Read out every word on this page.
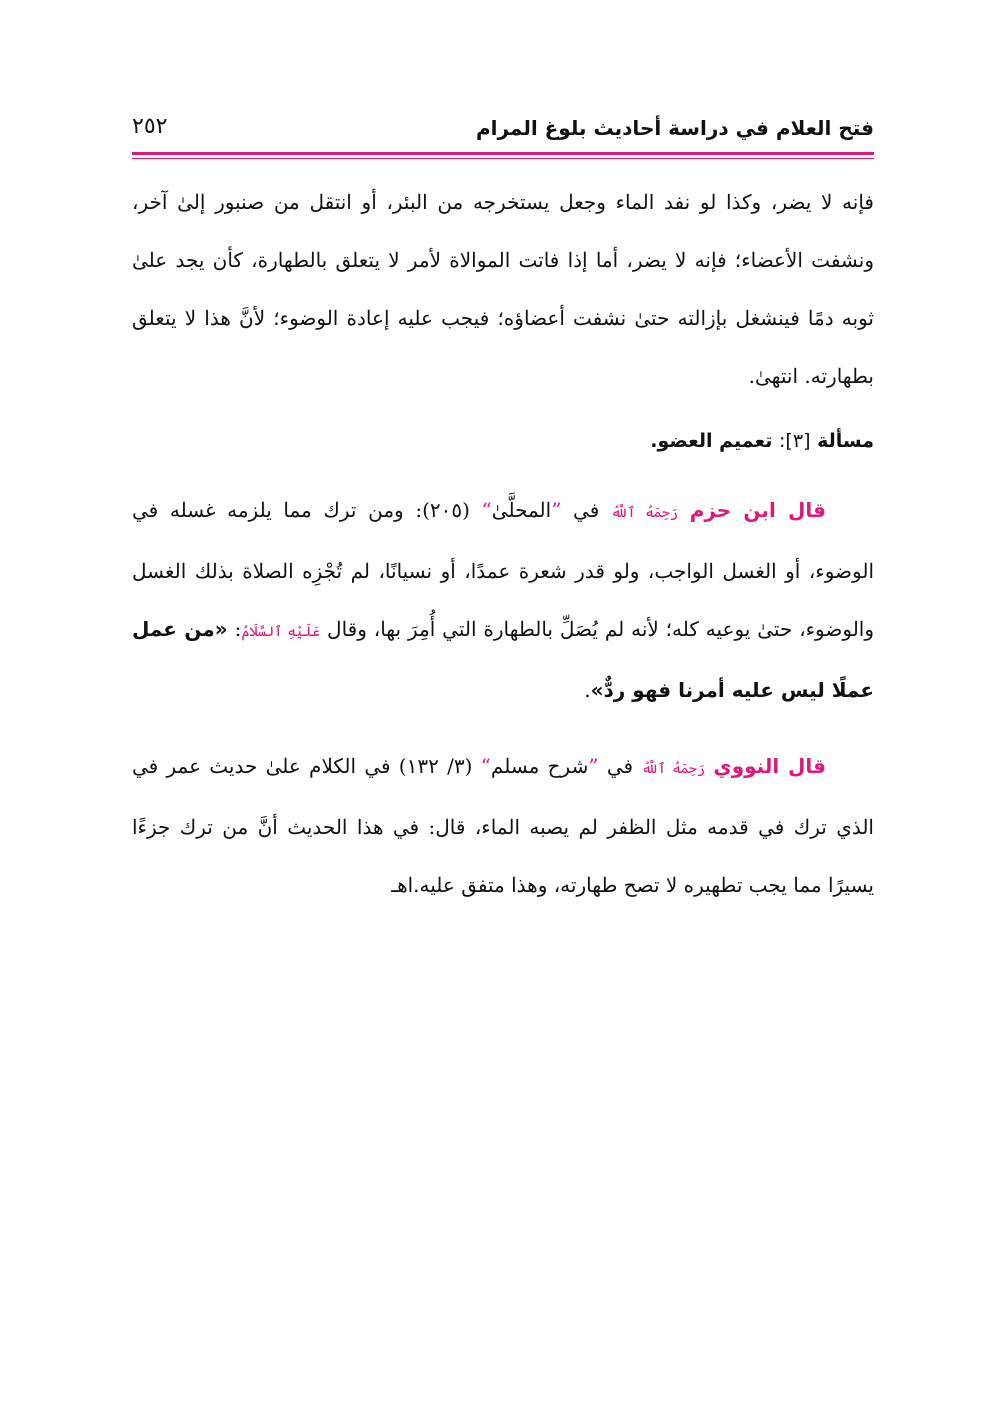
فتح العلام في دراسة أحاديث بلوغ المرام
٢٥٢

فإنه لا يضر، وكذا لو نفد الماء وجعل يستخرجه من البئر، أو انتقل من صنبور إلىٰ آخر، ونشفت الأعضاء؛ فإنه لا يضر، أما إذا فاتت الموالاة لأمر لا يتعلق بالطهارة، كأن يجد علىٰ ثوبه دمًا فينشغل بإزالته حتىٰ نشفت أعضاؤه؛ فيجب عليه إعادة الوضوء؛ لأنَّ هذا لا يتعلق بطهارته. انتهىٰ.

مسألة [٣]: تعميم العضو.

قال ابن حزم رَحِمَهُ ٱللَّهُ في ”المحلَّىٰ“ (٢٠٥): ومن ترك مما يلزمه غسله في الوضوء، أو الغسل الواجب، ولو قدر شعرة عمدًا، أو نسيانًا، لم تُجْزِه الصلاة بذلك الغسل والوضوء، حتىٰ يوعيه كله؛ لأنه لم يُصَلِّ بالطهارة التي أُمِرَ بها، وقال عَلَيْهِ ٱلسَّلَامُ: «من عمل عملًا ليس عليه أمرنا فهو ردٌّ».

قال النووي رَحِمَهُ ٱللَّهُ في ”شرح مسلم“ (٣/ ١٣٢) في الكلام علىٰ حديث عمر في الذي ترك في قدمه مثل الظفر لم يصبه الماء، قال: في هذا الحديث أنَّ من ترك جزءًا يسيرًا مما يجب تطهيره لا تصح طهارته، وهذا متفق عليه.اهـ
